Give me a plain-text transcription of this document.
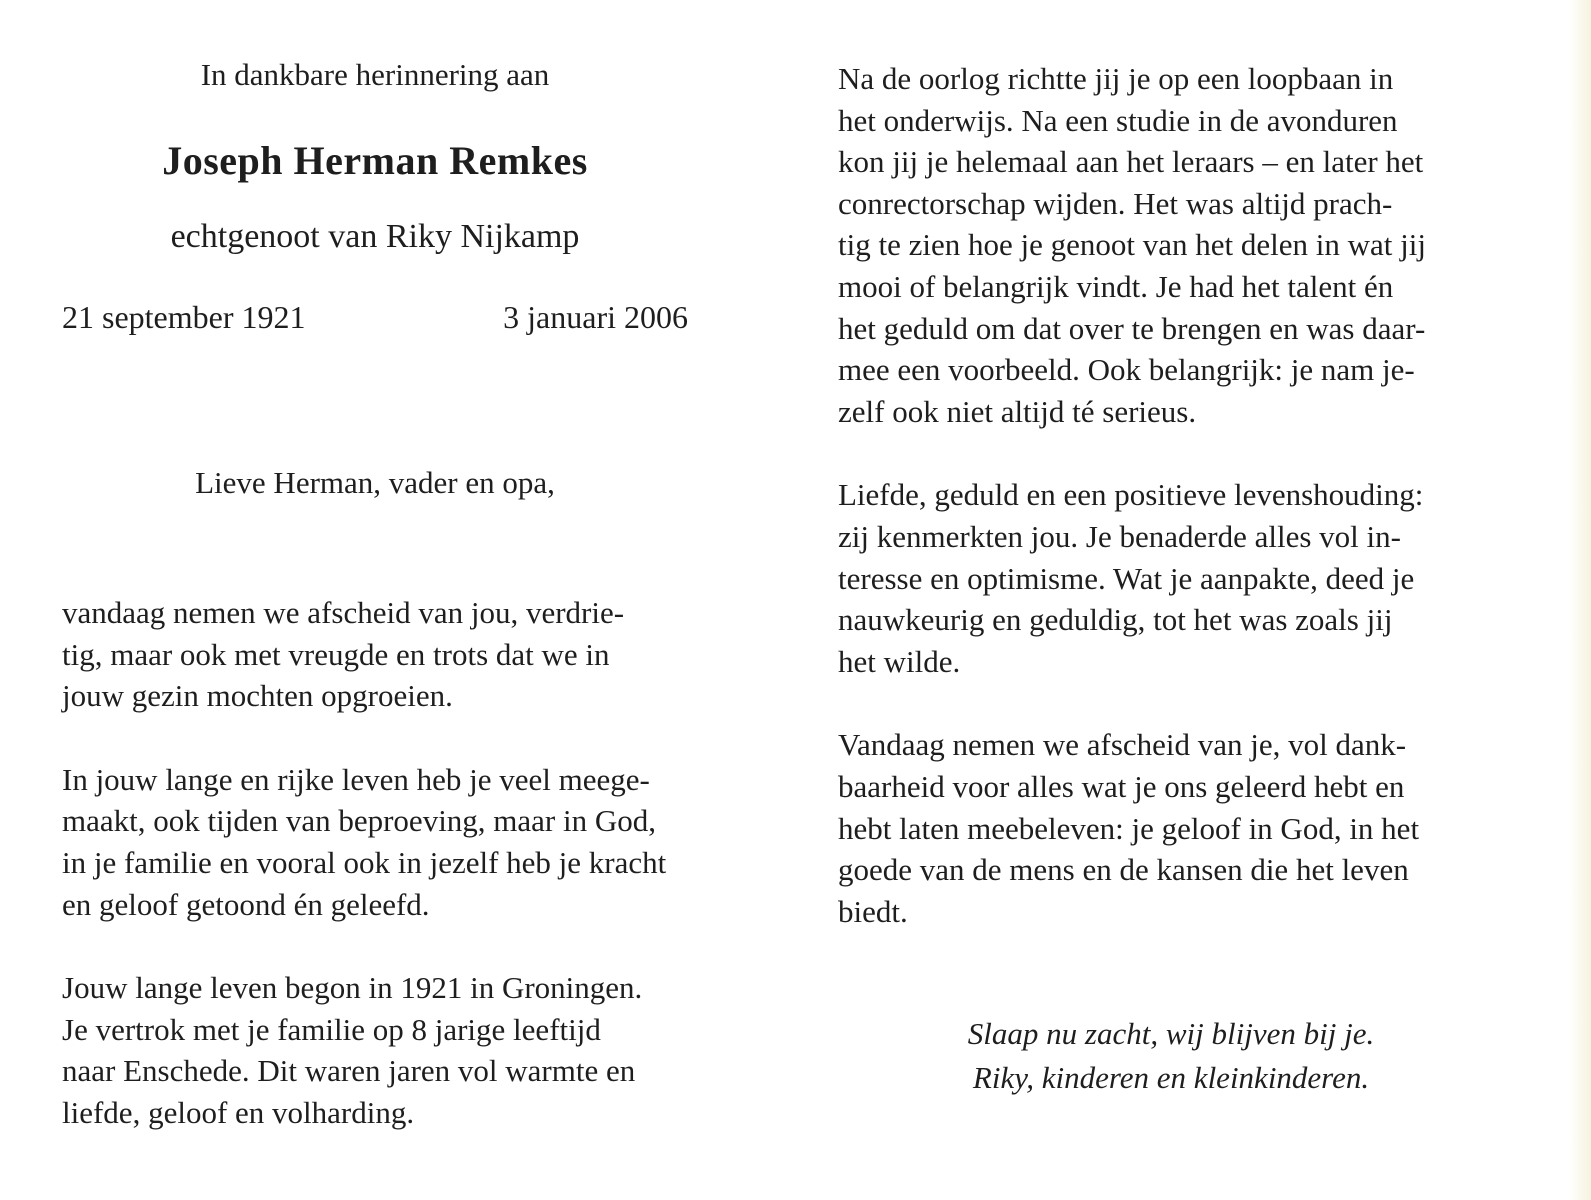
In dankbare herinnering aan

Joseph Herman Remkes

echtgenoot van Riky Nijkamp

21 september 1921	3 januari 2006

Lieve Herman, vader en opa,

vandaag nemen we afscheid van jou, verdrie-
tig, maar ook met vreugde en trots dat we in
jouw gezin mochten opgroeien.

In jouw lange en rijke leven heb je veel meege-
maakt, ook tijden van beproeving, maar in God,
in je familie en vooral ook in jezelf heb je kracht
en geloof getoond én geleefd.

Jouw lange leven begon in 1921 in Groningen.
Je vertrok met je familie op 8 jarige leeftijd
naar Enschede. Dit waren jaren vol warmte en
liefde, geloof en volharding.

Na de oorlog richtte jij je op een loopbaan in
het onderwijs. Na een studie in de avonduren
kon jij je helemaal aan het leraars – en later het
conrectorschap wijden. Het was altijd prach-
tig te zien hoe je genoot van het delen in wat jij
mooi of belangrijk vindt. Je had het talent én
het geduld om dat over te brengen en was daar-
mee een voorbeeld. Ook belangrijk: je nam je-
zelf ook niet altijd té serieus.

Liefde, geduld en een positieve levenshouding:
zij kenmerkten jou. Je benaderde alles vol in-
teresse en optimisme. Wat je aanpakte, deed je
nauwkeurig en geduldig, tot het was zoals jij
het wilde.

Vandaag nemen we afscheid van je, vol dank-
baarheid voor alles wat je ons geleerd hebt en
hebt laten meebeleven: je geloof in God, in het
goede van de mens en de kansen die het leven
biedt.

Slaap nu zacht, wij blijven bij je.
Riky, kinderen en kleinkinderen.
